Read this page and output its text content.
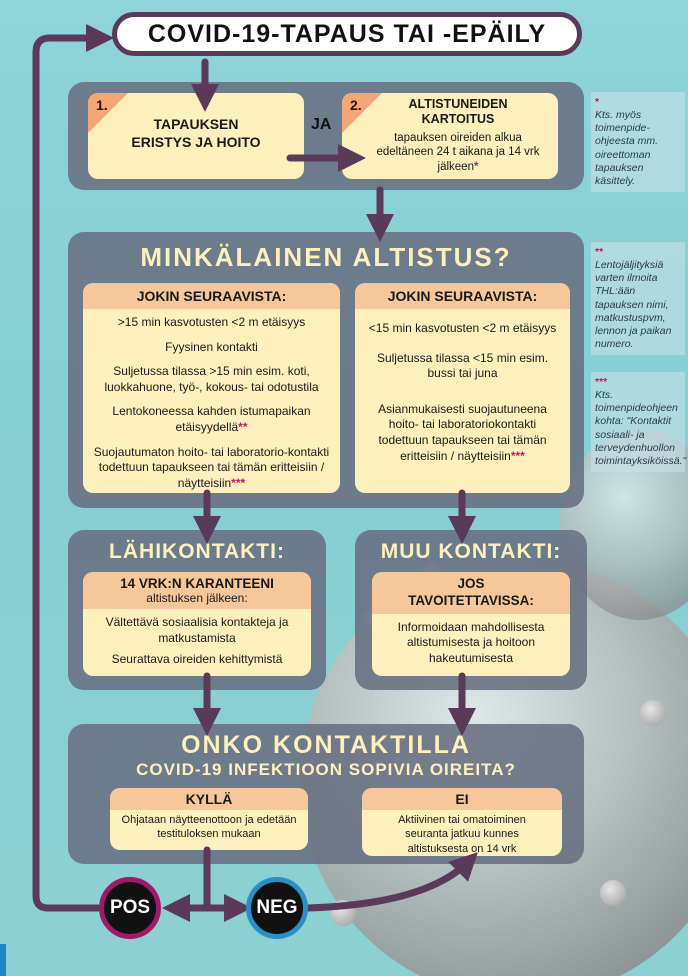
COVID-19-TAPAUS TAI -EPÄILY
1.
TAPAUKSEN ERISTYS JA HOITO
JA
2.	ALTISTUNEIDEN KARTOITUS
tapauksen oireiden alkua edeltäneen 24 t aikana ja 14 vrk jälkeen*
*
Kts. myös toimenpide-ohjeesta mm. oireettoman tapauksen käsittely.
**
Lentojäljityksiä varten ilmoita THL:ään tapauksen nimi, matkustuspvm, lennon ja paikan numero.
***
Kts. toimenpideohjeen kohta: "Kontaktit sosiaali- ja terveydenhuollon toimintayksiköissä."
MINKÄLAINEN ALTISTUS?
JOKIN SEURAAVISTA:

>15 min kasvotusten <2 m etäisyys

Fyysinen kontakti

Suljetussa tilassa >15 min esim. koti, luokkahuone, työ-, kokous- tai odotustila

Lentokoneessa kahden istumapaikan etäisyydellä**

Suojautumaton hoito- tai laboratorio-kontakti todettuun tapaukseen tai tämän eritteisiin / näytteisiin***

JOKIN SEURAAVISTA:

<15 min kasvotusten <2 m etäisyys

Suljetussa tilassa <15 min esim. bussi tai juna

Asianmukaisesti suojautuneena hoito- tai laboratoriokontakti todettuun tapaukseen tai tämän eritteisiin / näytteisiin***

LÄHIKONTAKTI:
14 VRK:N KARANTEENI
altistuksen jälkeen:

Vältettävä sosiaalisia kontakteja ja matkustamista

Seurattava oireiden kehittymistä

MUU KONTAKTI:
JOS TAVOITETTAVISSA:

Informoidaan mahdollisesta altistumisesta ja hoitoon hakeutumisesta

ONKO KONTAKTILLA
COVID-19 INFEKTIOON SOPIVIA OIREITA?
KYLLÄ
Ohjataan näytteenottoon ja edetään testituloksen mukaan
EI
Aktiivinen tai omatoiminen seuranta jatkuu kunnes altistuksesta on 14 vrk
POS	NEG
